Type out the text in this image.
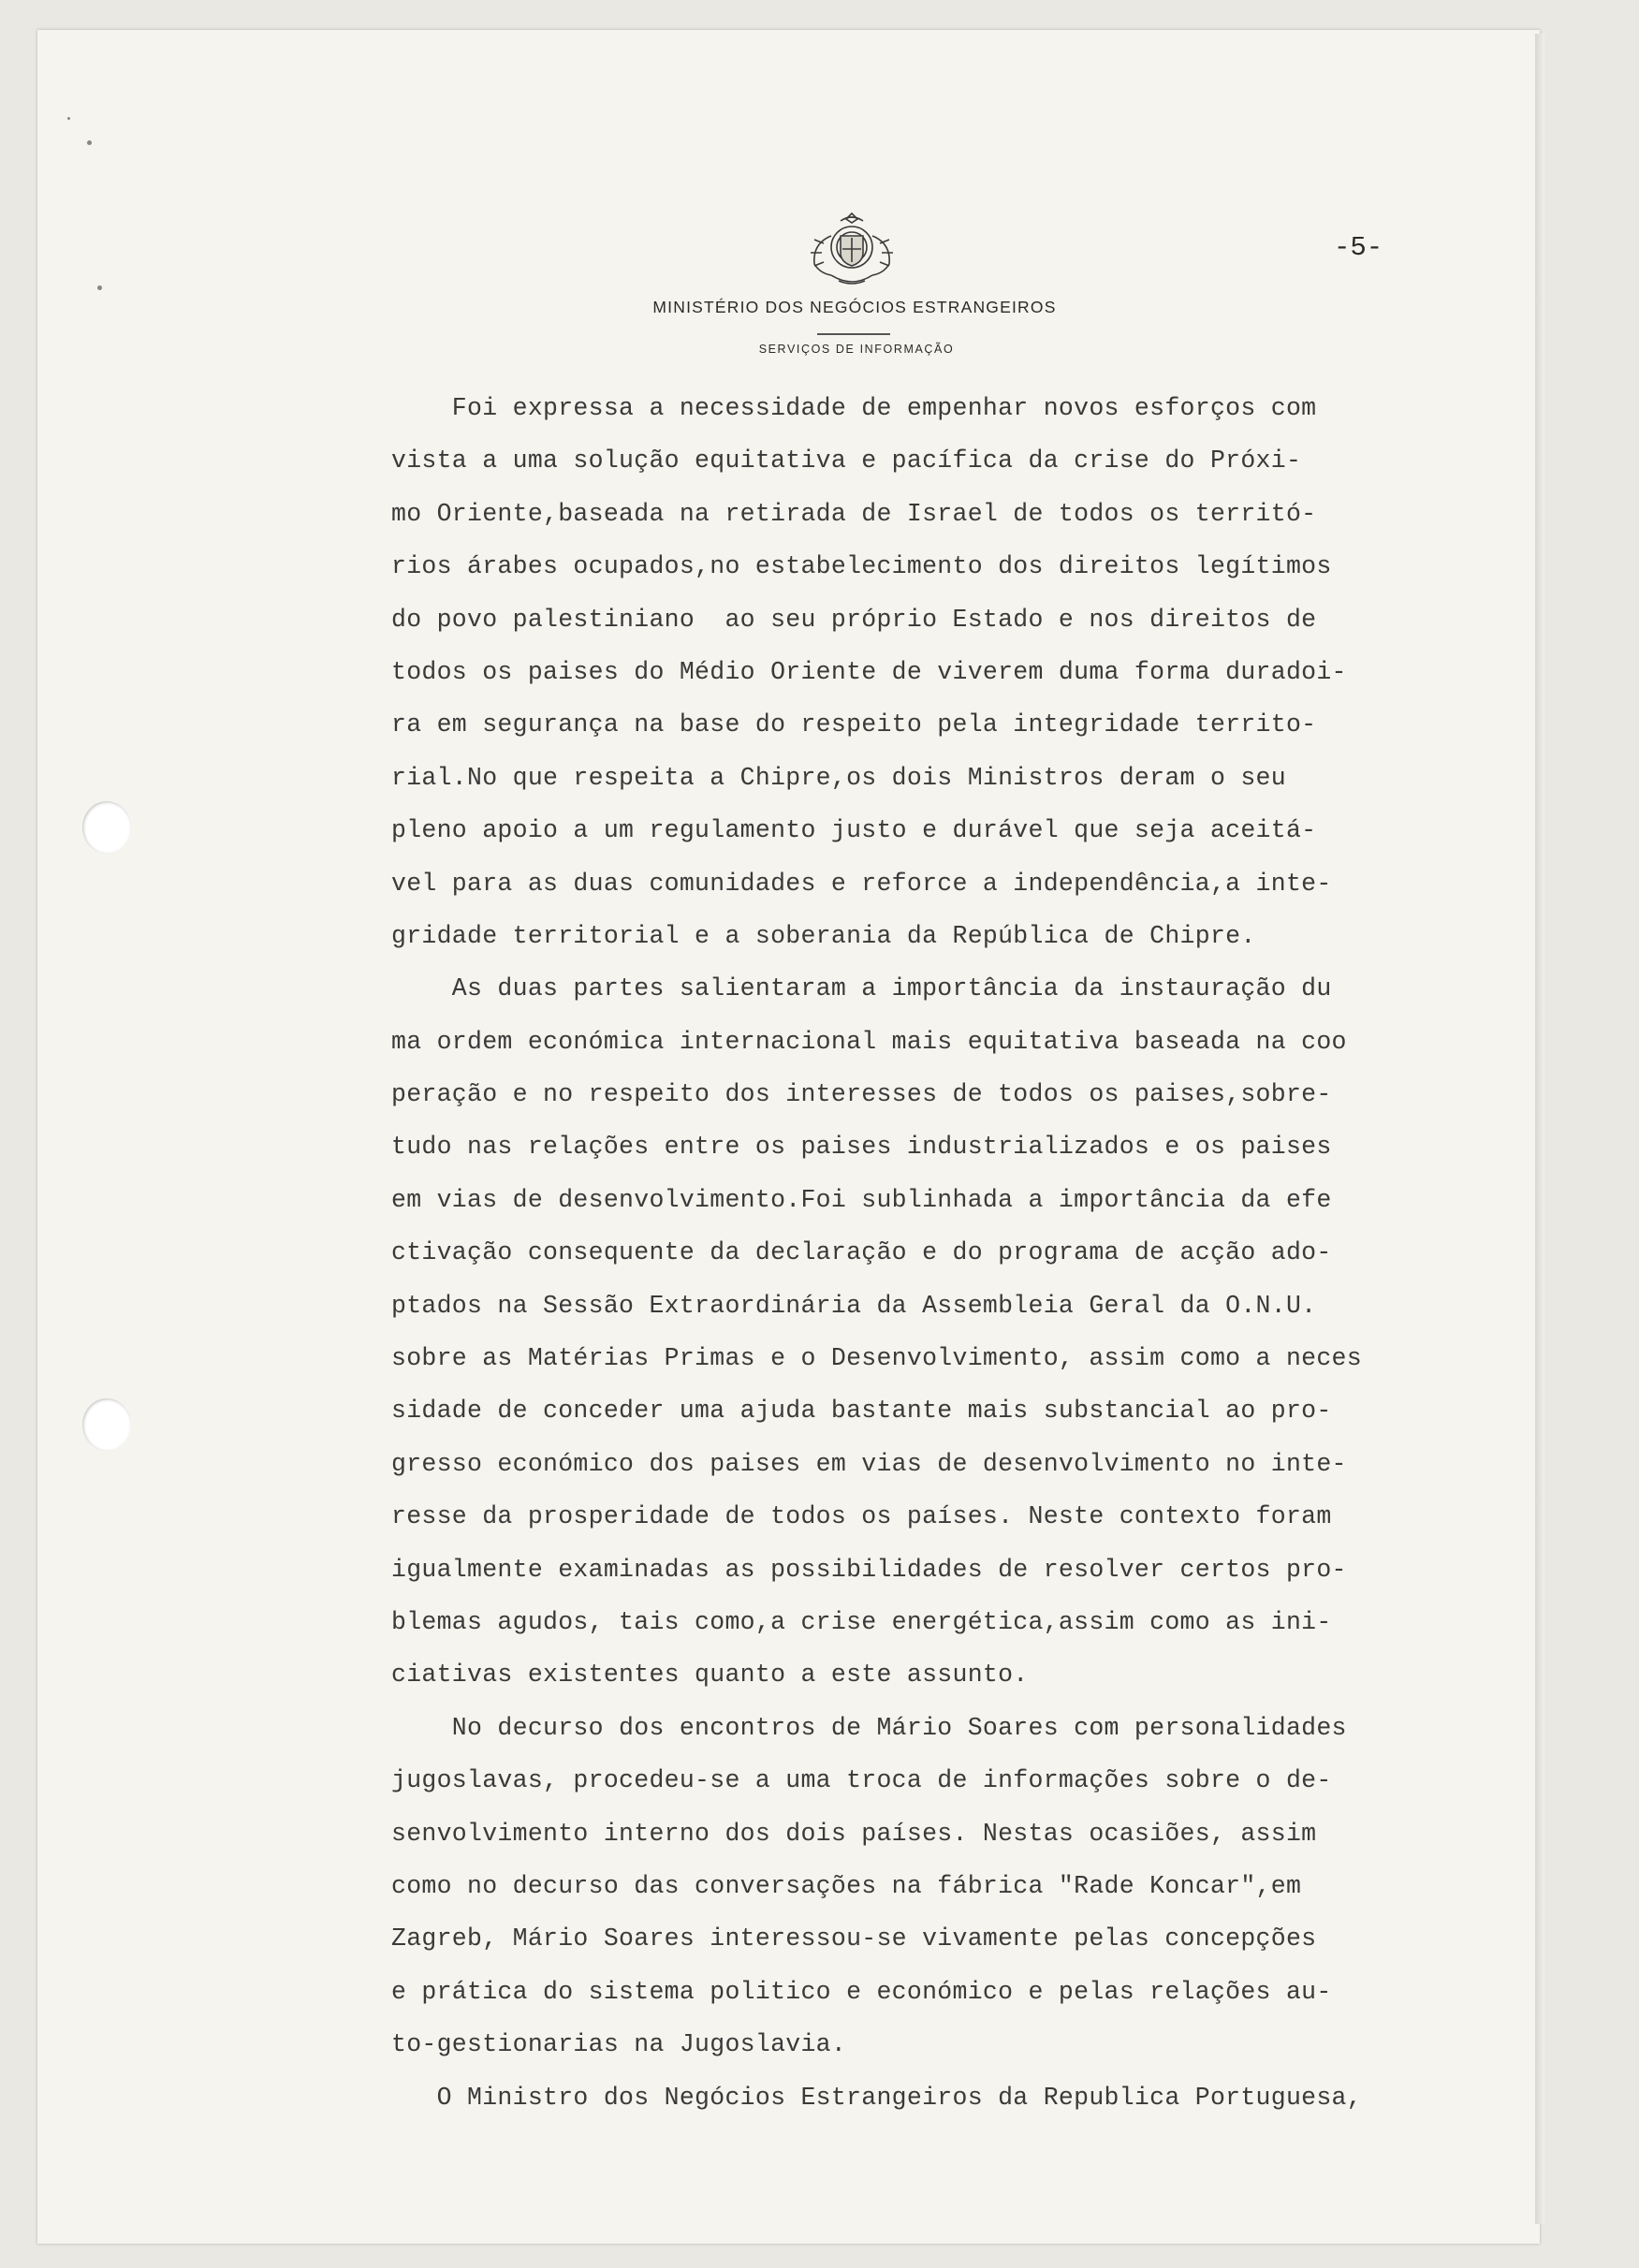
-5-
MINISTÉRIO DOS NEGÓCIOS ESTRANGEIROS
SERVIÇOS DE INFORMAÇÃO

Foi expressa a necessidade de empenhar novos esforços com

vista a uma solução equitativa e pacífica da crise do Próxi-

mo Oriente,baseada na retirada de Israel de todos os territó-

rios árabes ocupados,no estabelecimento dos direitos legítimos

do povo palestiniano  ao seu próprio Estado e nos direitos de

todos os paises do Médio Oriente de viverem duma forma duradoi-

ra em segurança na base do respeito pela integridade territo-

rial.No que respeita a Chipre,os dois Ministros deram o seu

pleno apoio a um regulamento justo e durável que seja aceitá-

vel para as duas comunidades e reforce a independência,a inte-

gridade territorial e a soberania da República de Chipre.

As duas partes salientaram a importância da instauração du

ma ordem económica internacional mais equitativa baseada na coo

peração e no respeito dos interesses de todos os paises,sobre-

tudo nas relações entre os paises industrializados e os paises

em vias de desenvolvimento.Foi sublinhada a importância da efe

ctivação consequente da declaração e do programa de acção ado-

ptados na Sessão Extraordinária da Assembleia Geral da O.N.U.

sobre as Matérias Primas e o Desenvolvimento, assim como a neces

sidade de conceder uma ajuda bastante mais substancial ao pro-

gresso económico dos paises em vias de desenvolvimento no inte-

resse da prosperidade de todos os países. Neste contexto foram

igualmente examinadas as possibilidades de resolver certos pro-

blemas agudos, tais como,a crise energética,assim como as ini-

ciativas existentes quanto a este assunto.

No decurso dos encontros de Mário Soares com personalidades

jugoslavas, procedeu-se a uma troca de informações sobre o de-

senvolvimento interno dos dois países. Nestas ocasiões, assim

como no decurso das conversações na fábrica "Rade Koncar",em

Zagreb, Mário Soares interessou-se vivamente pelas concepções

e prática do sistema politico e económico e pelas relações au-

to-gestionarias na Jugoslavia.

O Ministro dos Negócios Estrangeiros da Republica Portuguesa,
